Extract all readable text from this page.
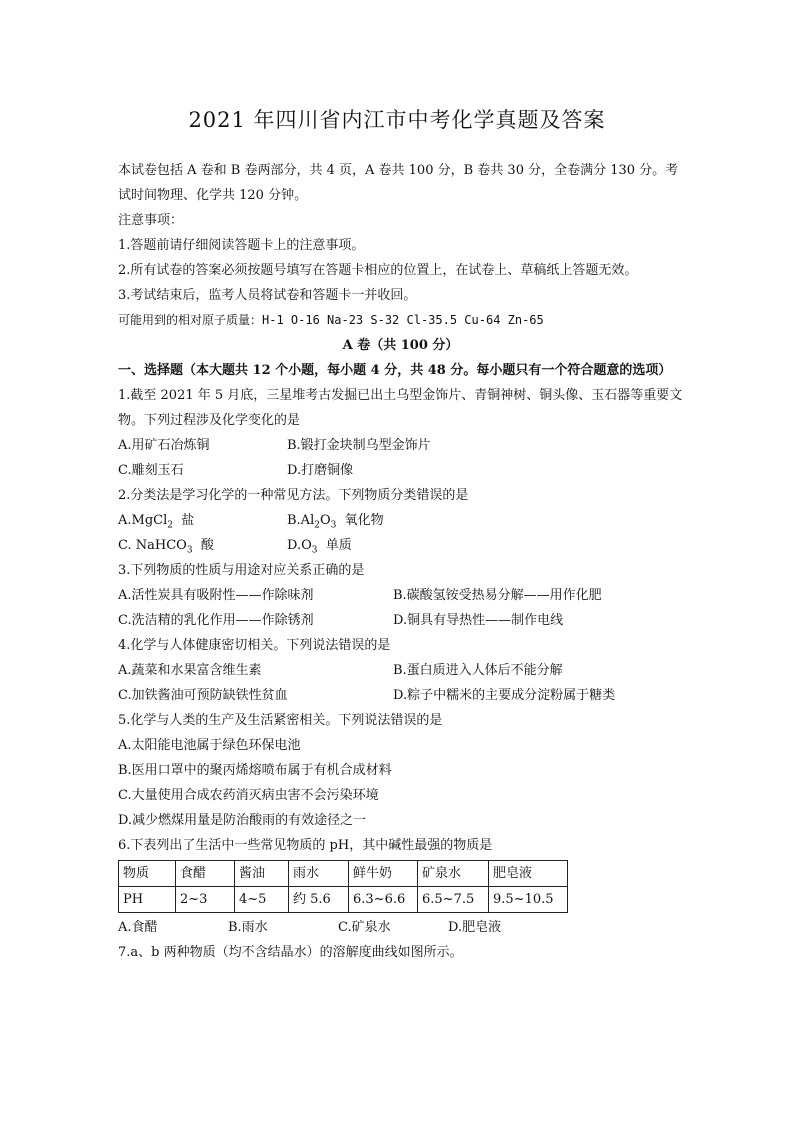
2021 年四川省内江市中考化学真题及答案
本试卷包括 A 卷和 B 卷两部分，共 4 页，A 卷共 100 分，B 卷共 30 分，全卷满分 130 分。考试时间物理、化学共 120 分钟。
注意事项：
1.答题前请仔细阅读答题卡上的注意事项。
2.所有试卷的答案必须按题号填写在答题卡相应的位置上，在试卷上、草稿纸上答题无效。
3.考试结束后，监考人员将试卷和答题卡一并收回。
可能用到的相对原子质量：H-1 O-16 Na-23 S-32 Cl-35.5 Cu-64 Zn-65
A 卷（共 100 分）
一、选择题（本大题共 12 个小题，每小题 4 分，共 48 分。每小题只有一个符合题意的选项）
1.截至 2021 年 5 月底，三星堆考古发掘已出土乌型金饰片、青铜神树、铜头像、玉石器等重要文物。下列过程涉及化学变化的是
A.用矿石冶炼铜	B.锻打金块制乌型金饰片
C.雕刻玉石	D.打磨铜像
2.分类法是学习化学的一种常见方法。下列物质分类错误的是
A.MgCl$_2$  盐	$B.Al_2O_3$  氧化物
C. NaHCO$_3$  酸	$D.O_3$  单质
3.下列物质的性质与用途对应关系正确的是
A.活性炭具有吸附性——作除味剂	B.碳酸氢铵受热易分解——用作化肥
C.洗洁精的乳化作用——作除锈剂	D.铜具有导热性——制作电线
4.化学与人体健康密切相关。下列说法错误的是
A.蔬菜和水果富含维生素	B.蛋白质进入人体后不能分解
C.加铁酱油可预防缺铁性贫血	D.粽子中糯米的主要成分淀粉属于糖类
5.化学与人类的生产及生活紧密相关。下列说法错误的是
A.太阳能电池属于绿色环保电池
B.医用口罩中的聚丙烯熔喷布属于有机合成材料
C.大量使用合成农药消灭病虫害不会污染环境
D.减少燃煤用量是防治酸雨的有效途径之一
6.下表列出了生活中一些常见物质的 pH，其中碱性最强的物质是
物质	食醋	酱油	雨水	鲜牛奶	矿泉水	肥皂液
PH	2~3	4~5	约 5.6	6.3~6.6	6.5~7.5	9.5~10.5
A.食醋	B.雨水	C.矿泉水	D.肥皂液
7.a、b 两种物质（均不含结晶水）的溶解度曲线如图所示。
